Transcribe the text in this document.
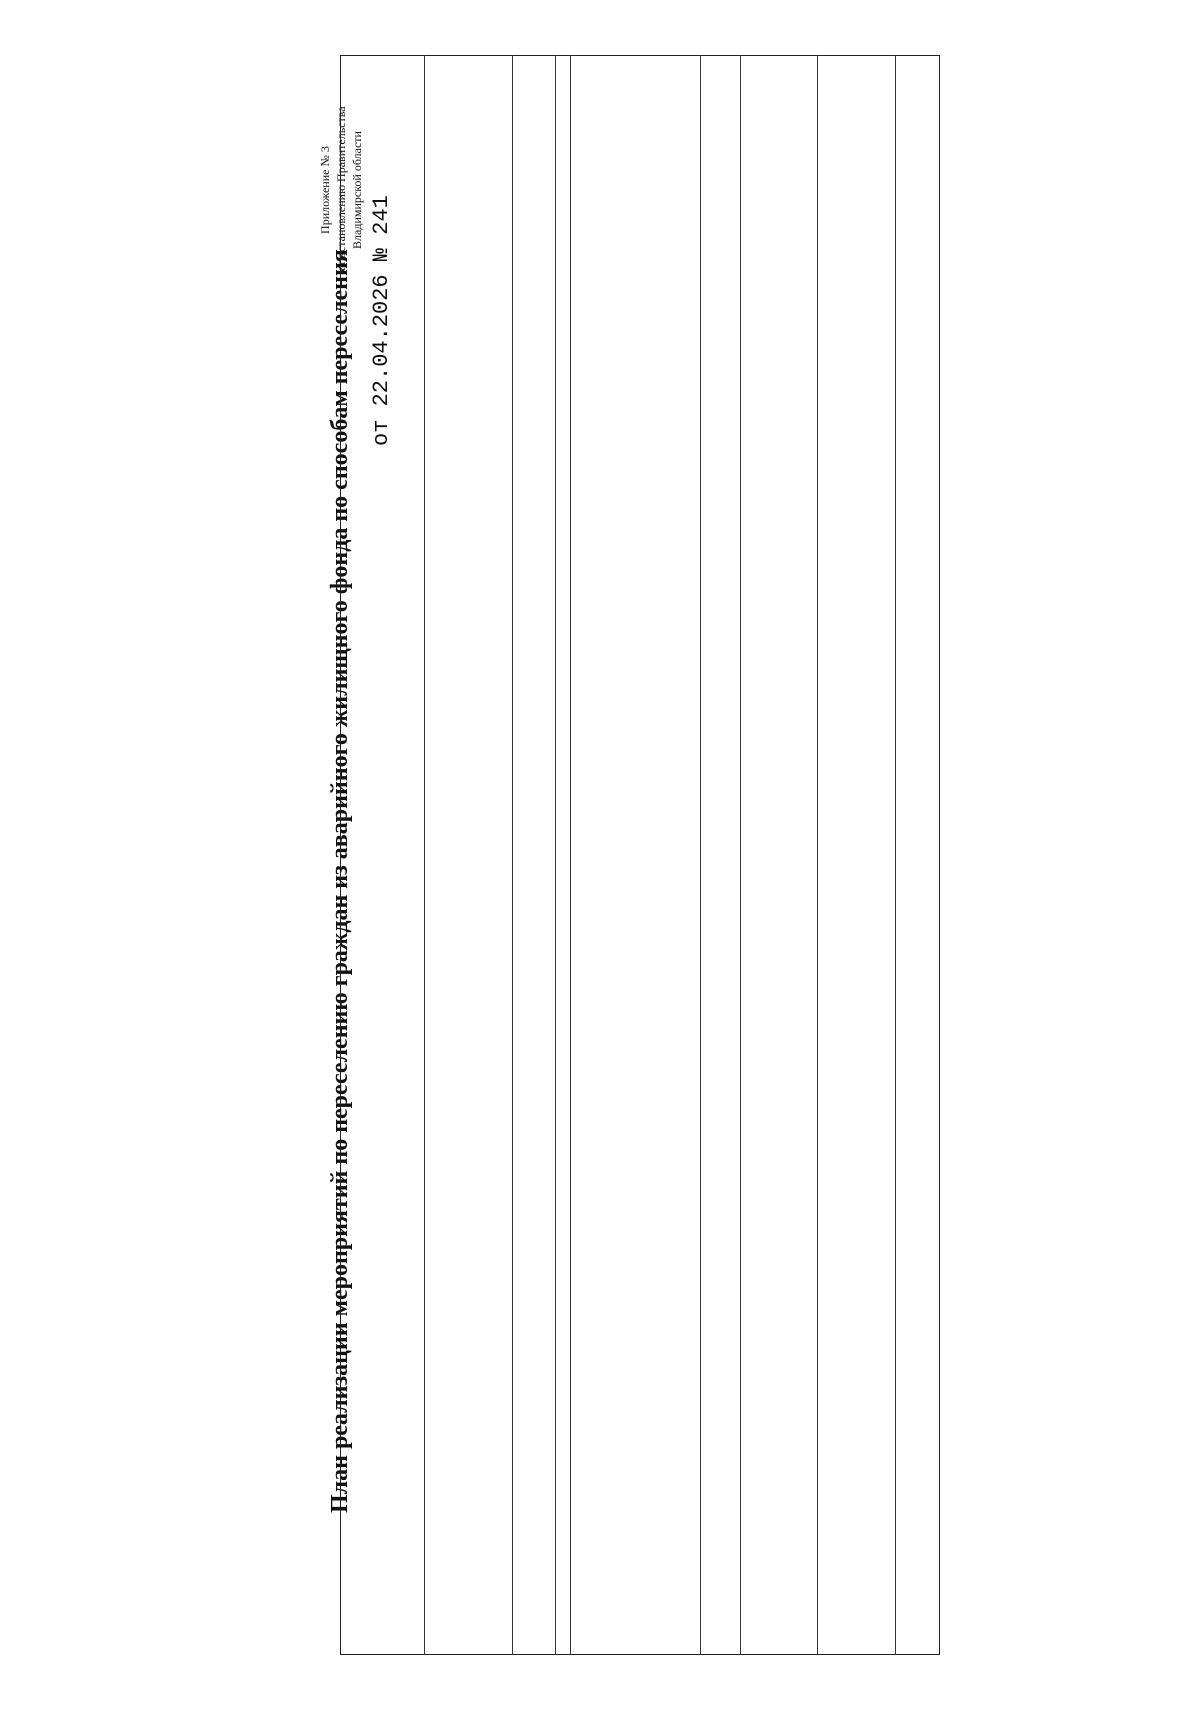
План реализации мероприятий по переселению граждан из аварийного жилищного фонда по способам переселения
Приложение № 3 к постановлению Правительства Владимирской области
от 22.04.2026 № 241
